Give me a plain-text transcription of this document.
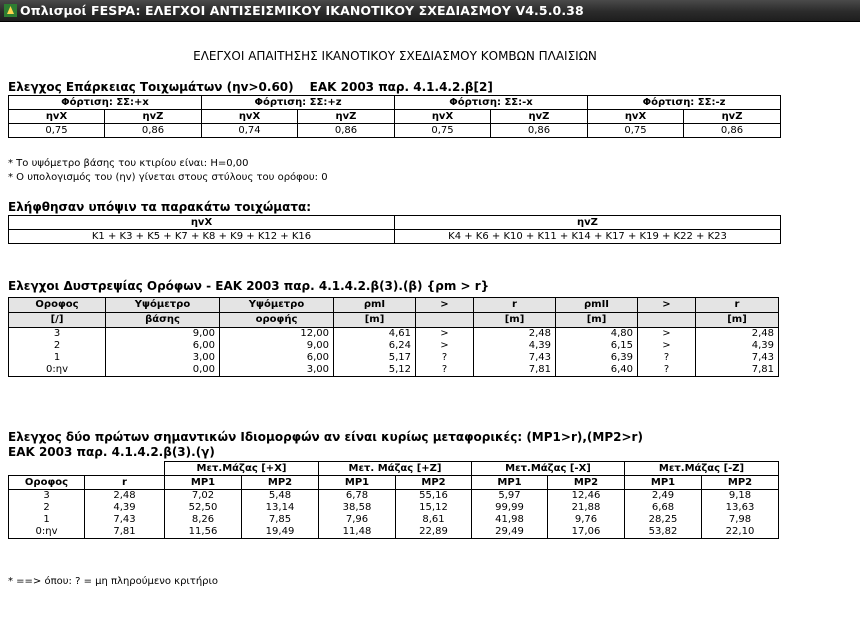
Οπλισμοί FESPA: ΕΛΕΓΧΟΙ ΑΝΤΙΣΕΙΣΜΙΚΟΥ ΙΚΑΝΟΤΙΚΟΥ ΣΧΕΔΙΑΣΜΟΥ V4.5.0.38
ΕΛΕΓΧΟΙ ΑΠΑΙΤΗΣΗΣ ΙΚΑΝΟΤΙΚΟΥ ΣΧΕΔΙΑΣΜΟΥ ΚΟΜΒΩΝ ΠΛΑΙΣΙΩΝ
Ελεγχος Επάρκειας Τοιχωμάτων (ηv>0.60) ΕΑΚ 2003 παρ. 4.1.4.2.β[2]
Φόρτιση: ΣΣ:+x		Φόρτιση: ΣΣ:+z		Φόρτιση: ΣΣ:-x		Φόρτιση: ΣΣ:-z	
ηvX	ηvZ	ηvX	ηvZ	ηvX	ηvZ	ηvX	ηvZ
0,75	0,86	0,74	0,86	0,75	0,86	0,75	0,86
* Το υψόμετρο βάσης του κτιρίου είναι: H=0,00
* Ο υπολογισμός του (ηv) γίνεται στους στύλους του ορόφου: 0
Ελήφθησαν υπόψιν τα παρακάτω τοιχώματα:
ηvX	ηvZ
K1 + K3 + K5 + K7 + K8 + K9 + K12 + K16	K4 + K6 + K10 + K11 + K14 + K17 + K19 + K22 + K23
Ελεγχοι Δυστρεψίας Ορόφων - ΕΑΚ 2003 παρ. 4.1.4.2.β(3).(β) {ρm > r}
Οροφος	Υψόμετρο	Υψόμετρο	ρmI	>	r	ρmII	>	r
[/]	βάσης	οροφής	[m]		[m]	[m]		[m]
3	9,00	12,00	4,61	>	2,48	4,80	>	2,48
2	6,00	9,00	6,24	>	4,39	6,15	>	4,39
1	3,00	6,00	5,17	?	7,43	6,39	?	7,43
0:ηv	0,00	3,00	5,12	?	7,81	6,40	?	7,81
Ελεγχος δύο πρώτων σημαντικών Ιδιομορφών αν είναι κυρίως μεταφορικές: (MP1>r),(MP2>r)
ΕΑΚ 2003 παρ. 4.1.4.2.β(3).(γ)
		Μετ.Μάζας [+X]		Μετ. Μάζας [+Z]		Μετ.Μάζας [-X]		Μετ.Μάζας [-Z]	
Οροφος	r	MP1	MP2	MP1	MP2	MP1	MP2	MP1	MP2
3	2,48	7,02	5,48	6,78	55,16	5,97	12,46	2,49	9,18
2	4,39	52,50	13,14	38,58	15,12	99,99	21,88	6,68	13,63
1	7,43	8,26	7,85	7,96	8,61	41,98	9,76	28,25	7,98
0:ηv	7,81	11,56	19,49	11,48	22,89	29,49	17,06	53,82	22,10
* ==> όπου: ? = μη πληρούμενο κριτήριο
